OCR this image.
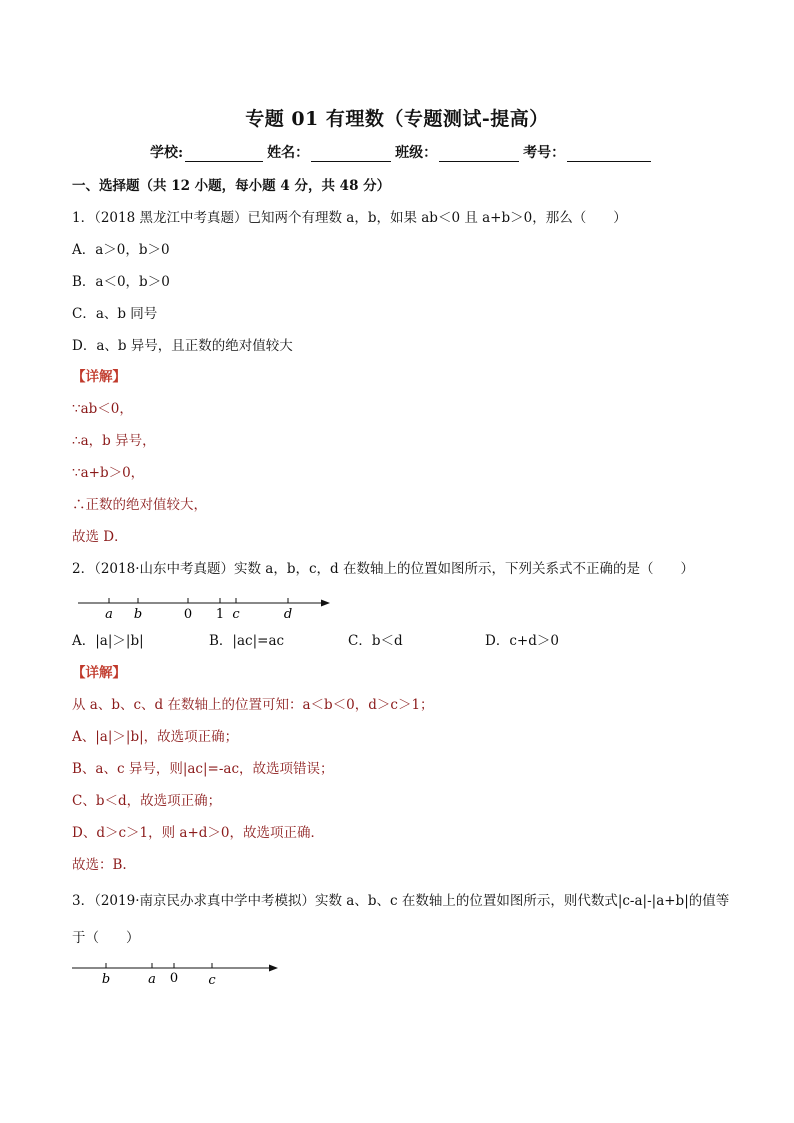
专题 01 有理数（专题测试-提高）
学校:	姓名：	班级：	考号：
一、选择题（共 12 小题，每小题 4 分，共 48 分）
1．（2018 黑龙江中考真题）已知两个有理数 a，b，如果 ab＜0 且 a+b＞0，那么（　　）
A．a＞0，b＞0
B．a＜0，b＞0
C．a、b 同号
D．a、b 异号，且正数的绝对值较大
【详解】
∵ab＜0，
∴a，b 异号，
∵a+b＞0，
∴正数的绝对值较大，
故选 D．
2．（2018·山东中考真题）实数 a，b，c，d 在数轴上的位置如图所示，下列关系式不正确的是（　　）
a b	0 1 c	d
A．|a|＞|b|	B．|ac|=ac	C．b＜d	D．c+d＞0
【详解】
从 a、b、c、d 在数轴上的位置可知：a＜b＜0，d＞c＞1；
A、|a|＞|b|，故选项正确；
B、a、c 异号，则|ac|=-ac，故选项错误；
C、b＜d，故选项正确；
D、d＞c＞1，则 a+d＞0，故选项正确．
故选：B.
3．（2019·南京民办求真中学中考模拟）实数 a、b、c 在数轴上的位置如图所示，则代数式|c-a|-|a+b|的值等
于（　　）
b	a 0 c
